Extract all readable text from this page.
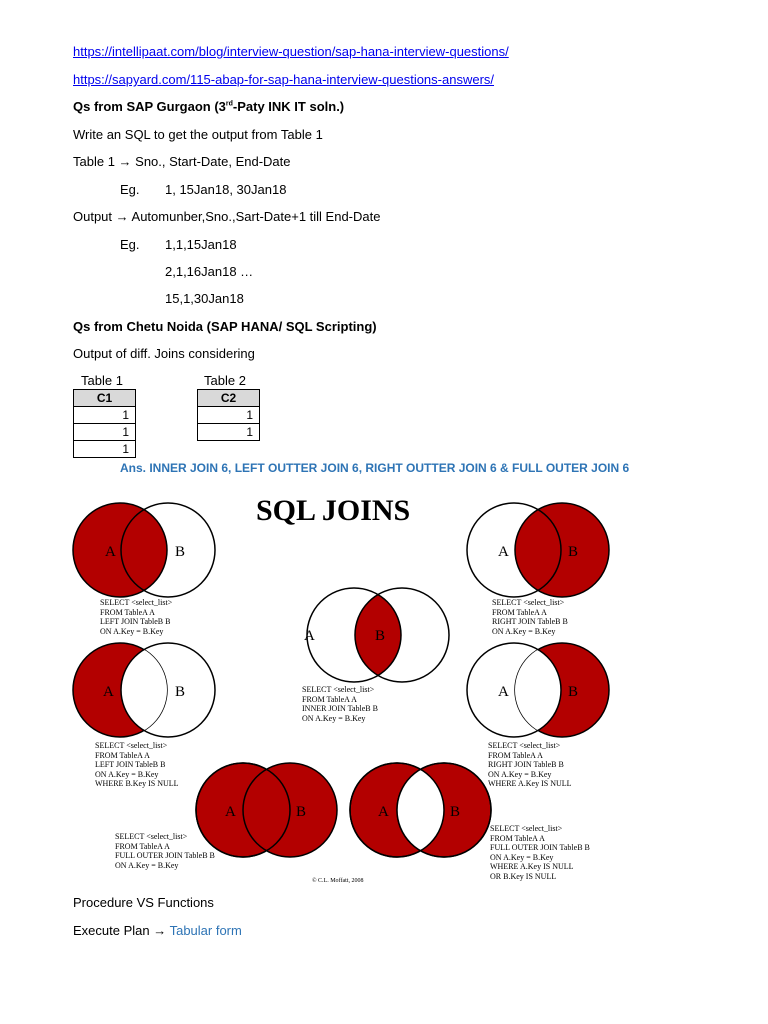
https://intellipaat.com/blog/interview-question/sap-hana-interview-questions/
https://sapyard.com/115-abap-for-sap-hana-interview-questions-answers/
Qs from SAP Gurgaon (3rd-Paty INK IT soln.)
Write an SQL to get the output from Table 1
Table 1 → Sno., Start-Date, End-Date
Eg. 1, 15Jan18, 30Jan18
Output → Automunber,Sno.,Sart-Date+1 till End-Date
Eg. 1,1,15Jan18
2,1,16Jan18 …
15,1,30Jan18
Qs from Chetu Noida (SAP HANA/ SQL Scripting)
Output of diff. Joins considering
Table 1
C1
1
1
1
Table 2
C2
1
1
Ans. INNER JOIN 6, LEFT OUTTER JOIN 6, RIGHT OUTTER JOIN 6 & FULL OUTER JOIN 6
SQL JOINS
A	B
A	B
A	B
A	B	A	B
A	B	A	B
SELECT <select_list>
FROM TableA A
LEFT JOIN TableB B
ON A.Key = B.Key
SELECT <select_list>
FROM TableA A
INNER JOIN TableB B
ON A.Key = B.Key
SELECT <select_list>
FROM TableA A
RIGHT JOIN TableB B
ON A.Key = B.Key
SELECT <select_list>
FROM TableA A
LEFT JOIN TableB B
ON A.Key = B.Key
WHERE B.Key IS NULL
SELECT <select_list>
FROM TableA A
RIGHT JOIN TableB B
ON A.Key = B.Key
WHERE A.Key IS NULL
SELECT <select_list>
FROM TableA A
FULL OUTER JOIN TableB B
ON A.Key = B.Key
SELECT <select_list>
FROM TableA A
FULL OUTER JOIN TableB B
ON A.Key = B.Key
WHERE A.Key IS NULL
OR B.Key IS NULL
© C.L. Moffatt, 2008
Procedure VS Functions
Execute Plan → Tabular form
